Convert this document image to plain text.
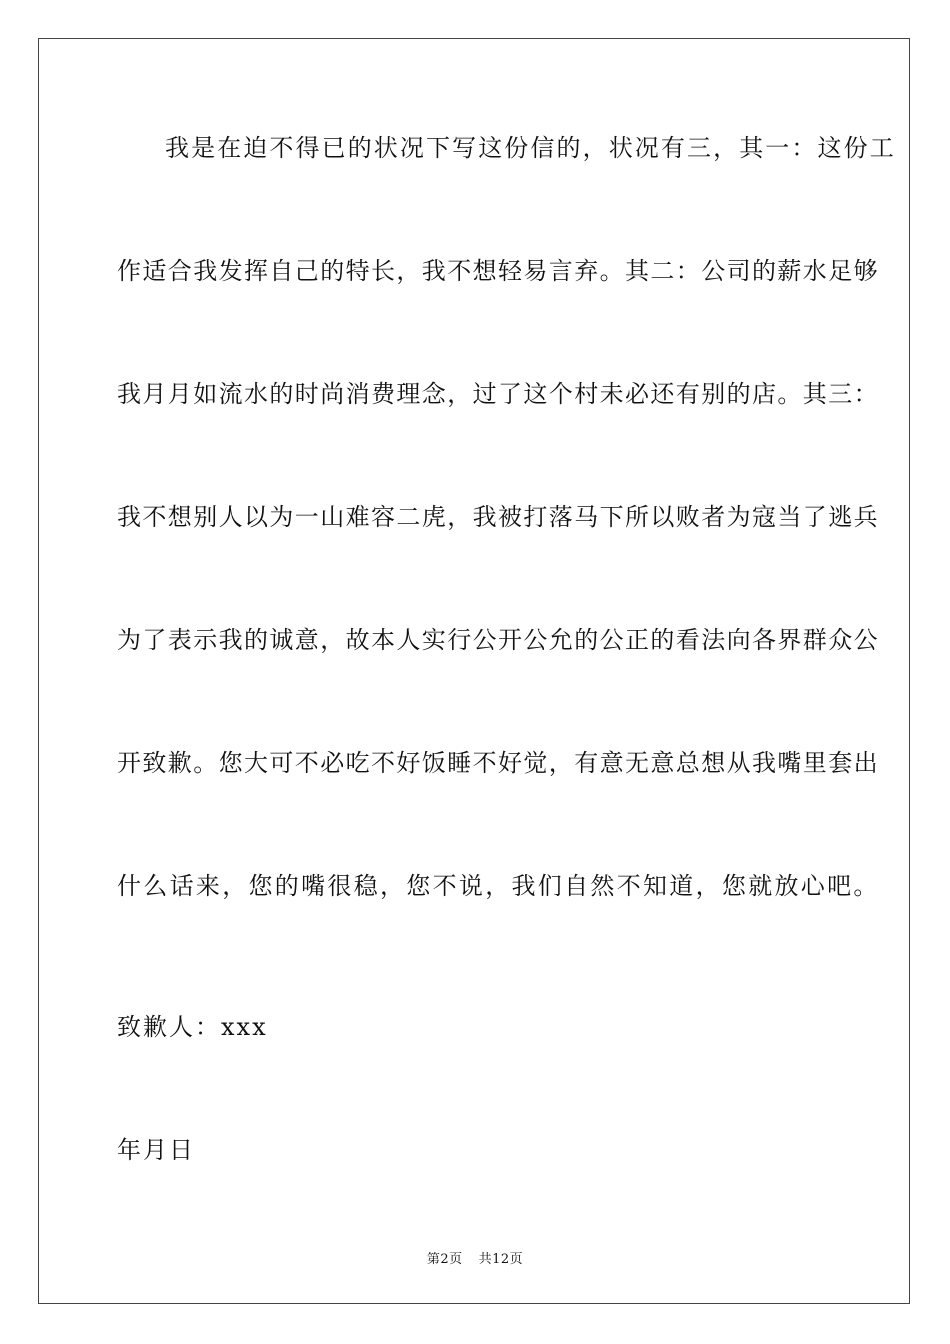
我是在迫不得已的状况下写这份信的，状况有三，其一：这份工
作适合我发挥自己的特长，我不想轻易言弃。其二：公司的薪水足够
我月月如流水的时尚消费理念，过了这个村未必还有别的店。其三：
我不想别人以为一山难容二虎，我被打落马下所以败者为寇当了逃兵
为了表示我的诚意，故本人实行公开公允的公正的看法向各界群众公
开致歉。您大可不必吃不好饭睡不好觉，有意无意总想从我嘴里套出
什么话来，您的嘴很稳，您不说，我们自然不知道，您就放心吧。

致歉人：xxx

年月日

第2页 共12页
